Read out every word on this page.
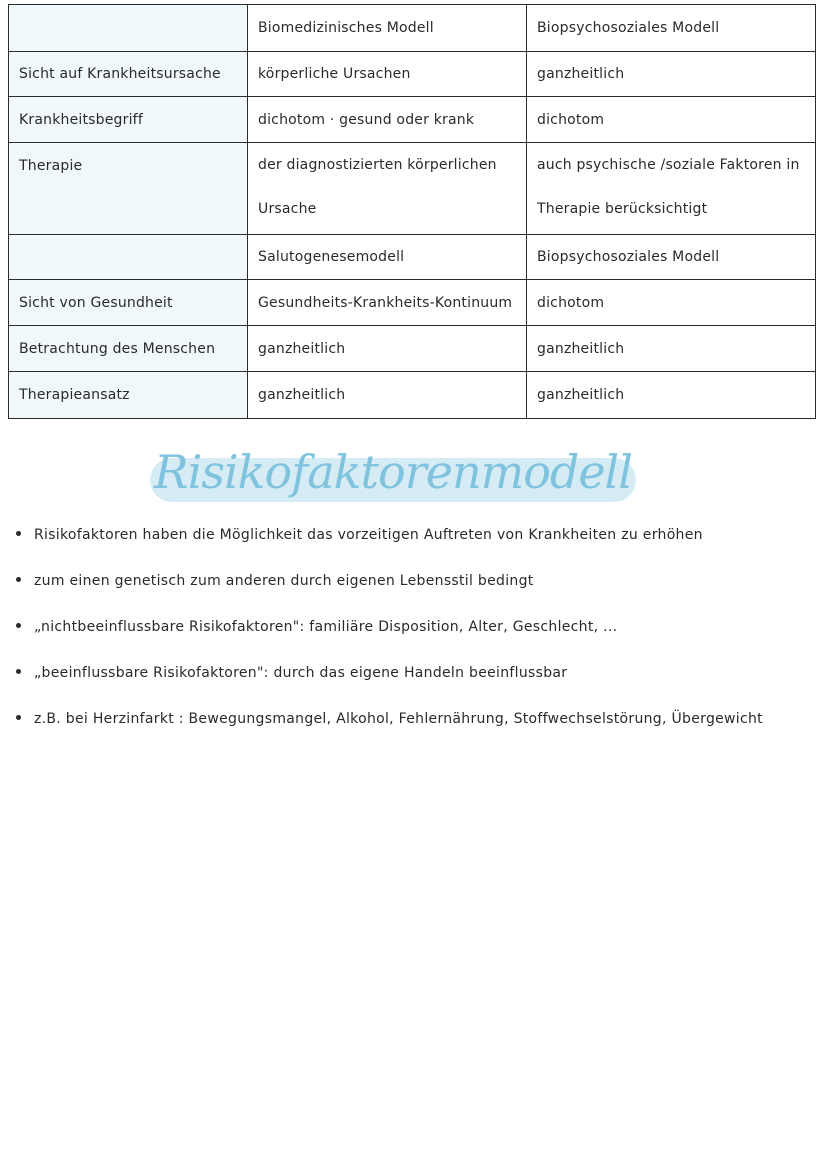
	Biomedizinisches Modell	Biopsychosoziales Modell
Sicht auf Krankheitsursache	körperliche Ursachen	ganzheitlich
Krankheitsbegriff	dichotom · gesund oder krank	dichotom
Therapie	der diagnostizierten körperlichen Ursache	auch psychische /soziale Faktoren in Therapie berücksichtigt
	Salutogenesemodell	Biopsychosoziales Modell
Sicht von Gesundheit	Gesundheits-Krankheits-Kontinuum	dichotom
Betrachtung des Menschen	ganzheitlich	ganzheitlich
Therapieansatz	ganzheitlich	ganzheitlich
Risikofaktorenmodell
Risikofaktoren haben die Möglichkeit das vorzeitigen Auftreten von Krankheiten zu erhöhen
zum einen genetisch zum anderen durch eigenen Lebensstil bedingt
„nichtbeeinflussbare Risikofaktoren": familiäre Disposition, Alter, Geschlecht, ...
„beeinflussbare Risikofaktoren": durch das eigene Handeln beeinflussbar
z.B. bei Herzinfarkt : Bewegungsmangel, Alkohol, Fehlernährung, Stoffwechselstörung, Übergewicht
